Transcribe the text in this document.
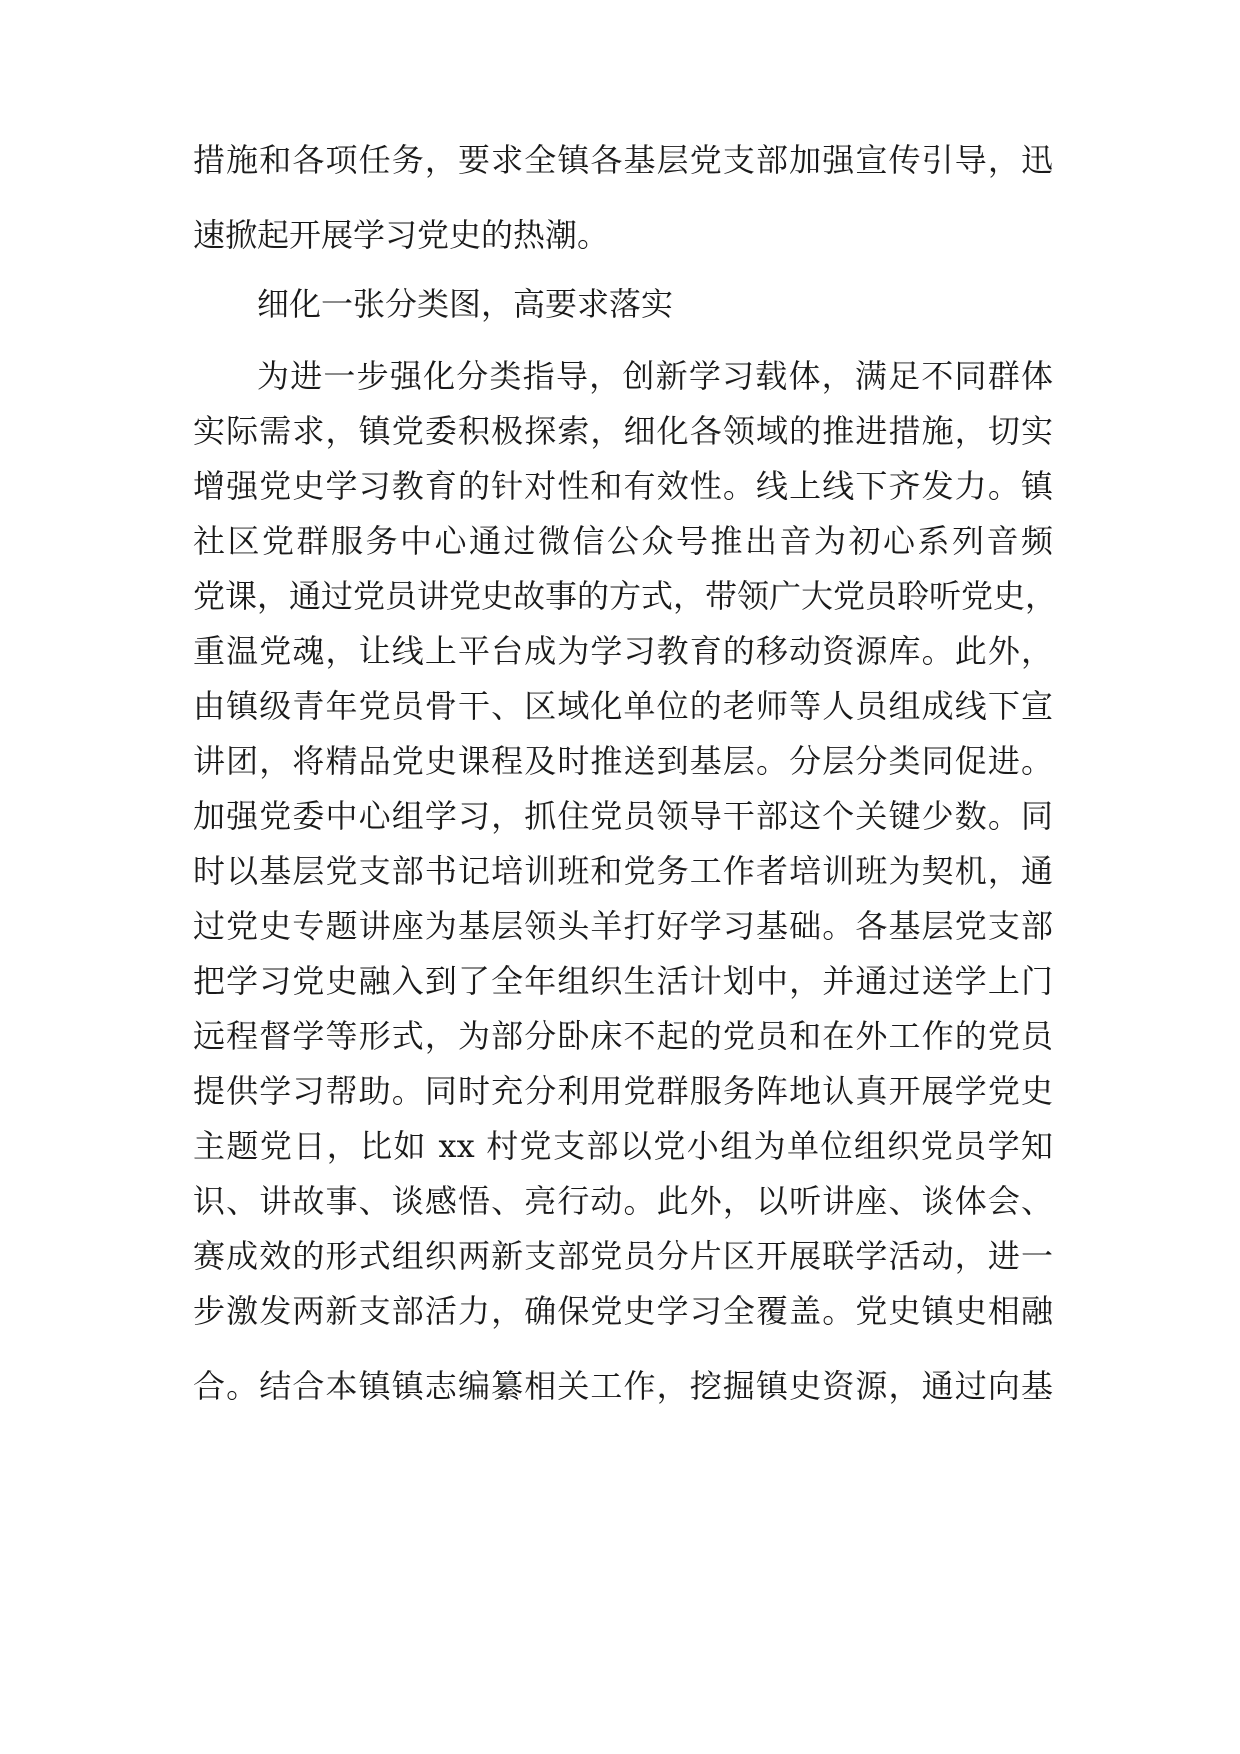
措施和各项任务，要求全镇各基层党支部加强宣传引导，迅

速掀起开展学习党史的热潮。

细化一张分类图，高要求落实

为进一步强化分类指导，创新学习载体，满足不同群体

实际需求，镇党委积极探索，细化各领域的推进措施，切实

增强党史学习教育的针对性和有效性。线上线下齐发力。镇

社区党群服务中心通过微信公众号推出音为初心系列音频

党课，通过党员讲党史故事的方式，带领广大党员聆听党史，

重温党魂，让线上平台成为学习教育的移动资源库。此外，

由镇级青年党员骨干、区域化单位的老师等人员组成线下宣

讲团，将精品党史课程及时推送到基层。分层分类同促进。

加强党委中心组学习，抓住党员领导干部这个关键少数。同

时以基层党支部书记培训班和党务工作者培训班为契机，通

过党史专题讲座为基层领头羊打好学习基础。各基层党支部

把学习党史融入到了全年组织生活计划中，并通过送学上门

远程督学等形式，为部分卧床不起的党员和在外工作的党员

提供学习帮助。同时充分利用党群服务阵地认真开展学党史

主题党日，比如 xx 村党支部以党小组为单位组织党员学知

识、讲故事、谈感悟、亮行动。此外，以听讲座、谈体会、

赛成效的形式组织两新支部党员分片区开展联学活动，进一

步激发两新支部活力，确保党史学习全覆盖。党史镇史相融

合。结合本镇镇志编纂相关工作，挖掘镇史资源，通过向基
